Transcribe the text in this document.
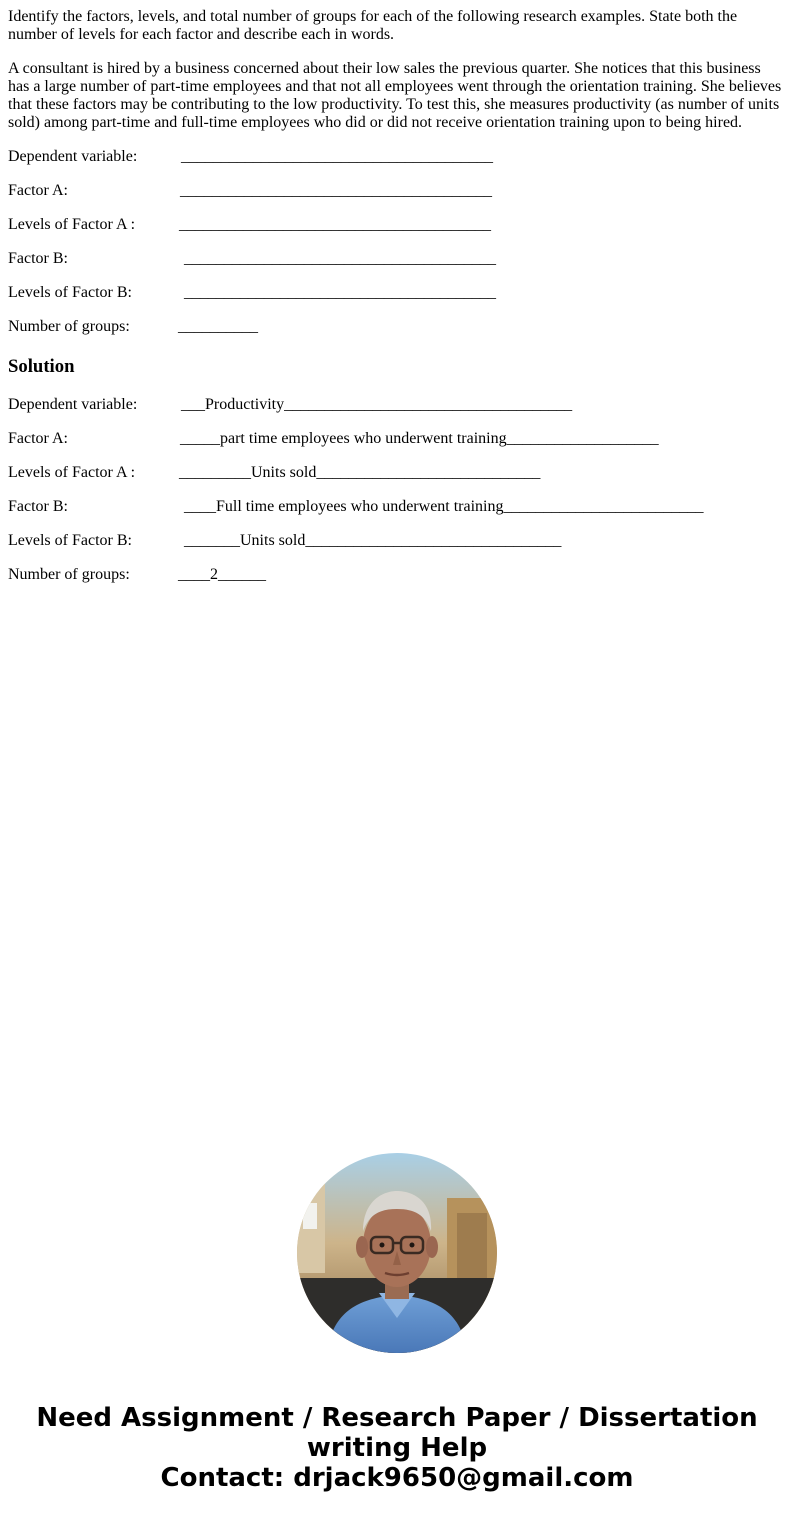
Identify the factors, levels, and total number of groups for each of the following research examples. State both the number of levels for each factor and describe each in words.

A consultant is hired by a business concerned about their low sales the previous quarter. She notices that this business has a large number of part-time employees and that not all employees went through the orientation training. She believes that these factors may be contributing to the low productivity. To test this, she measures productivity (as number of units sold) among part-time and full-time employees who did or did not receive orientation training upon to being hired.

Dependent variable:	_______________________________________
Factor A:	_______________________________________
Levels of Factor A :	_______________________________________
Factor B:	_______________________________________
Levels of Factor B:	_______________________________________
Number of groups:	__________
Solution
Dependent variable:	___Productivity____________________________________
Factor A:	_____part time employees who underwent training___________________
Levels of Factor A :	_________Units sold____________________________
Factor B:	____Full time employees who underwent training_________________________
Levels of Factor B:	_______Units sold________________________________
Number of groups:	____2______
Need Assignment / Research Paper / Dissertation
writing Help
Contact: drjack9650@gmail.com
